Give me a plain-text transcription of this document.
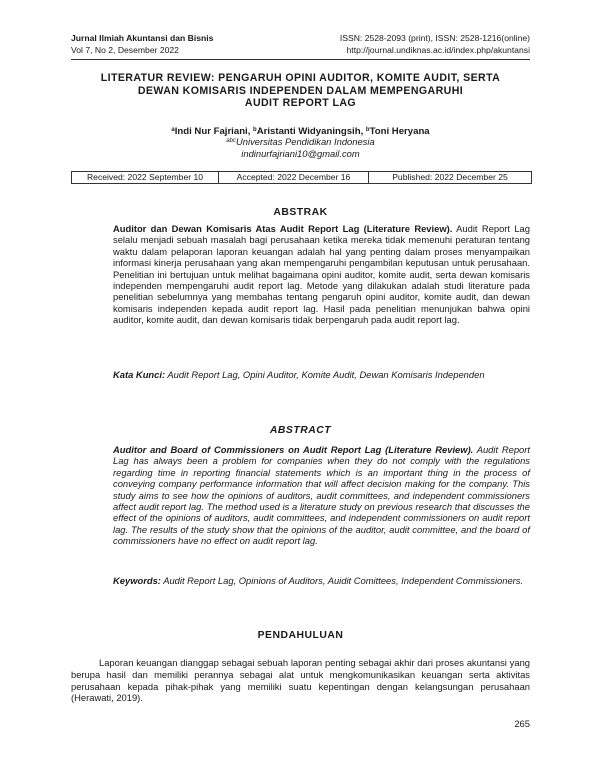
Jurnal Ilmiah Akuntansi dan Bisnis	ISSN: 2528-2093 (print), ISSN: 2528-1216(online)
Vol 7, No 2, Desember 2022	http://journal.undiknas.ac.id/index.php/akuntansi
LITERATUR REVIEW: PENGARUH OPINI AUDITOR, KOMITE AUDIT, SERTA
DEWAN KOMISARIS INDEPENDEN DALAM MEMPENGARUHI
AUDIT REPORT LAG
$^a$Indi Nur Fajriani, $^b$Aristanti Widyaningsih, $^b$Toni Heryana
$^{abc}$Universitas Pendidikan Indonesia
indinurfajriani10@gmail.com
Received: 2022 September 10	Accepted: 2022 December 16	Published: 2022 December 25
ABSTRAK
Auditor dan Dewan Komisaris Atas Audit Report Lag (Literature Review). Audit Report Lag selalu menjadi sebuah masalah bagi perusahaan ketika mereka tidak memenuhi peraturan tentang waktu dalam pelaporan laporan keuangan adalah hal yang penting dalam proses menyampaikan informasi kinerja perusahaan yang akan mempengaruhi pengambilan keputusan untuk perusahaan. Penelitian ini bertujuan untuk melihat bagaimana opini auditor, komite audit, serta dewan komisaris independen mempengaruhi audit report lag. Metode yang dilakukan adalah studi literature pada penelitian sebelumnya yang membahas tentang pengaruh opini auditor, komite audit, dan dewan komisaris independen kepada audit report lag. Hasil pada penelitian menunjukan bahwa opini auditor, komite audit, dan dewan komisaris tidak berpengaruh pada audit report lag.
Kata Kunci: Audit Report Lag, Opini Auditor, Komite Audit, Dewan Komisaris Independen
ABSTRACT
Auditor and Board of Commissioners on Audit Report Lag (Literature Review). Audit Report Lag has always been a problem for companies when they do not comply with the regulations regarding time in reporting financial statements which is an important thing in the process of conveying company performance information that will affect decision making for the company. This study aims to see how the opinions of auditors, audit committees, and independent commissioners affect audit report lag. The method used is a literature study on previous research that discusses the effect of the opinions of auditors, audit committees, and independent commissioners on audit report lag. The results of the study show that the opinions of the auditor, audit committee, and the board of commissioners have no effect on audit report lag.
Keywords: Audit Report Lag, Opinions of Auditors, Auidit Comittees, Independent Commissioners.
PENDAHULUAN
Laporan keuangan dianggap sebagai sebuah laporan penting sebagai akhir dari proses akuntansi yang berupa hasil dan memiliki perannya sebagai alat untuk mengkomunikasikan keuangan serta aktivitas perusahaan kepada pihak-pihak yang memiliki suatu kepentingan dengan kelangsungan perusahaan (Herawati, 2019).
265
